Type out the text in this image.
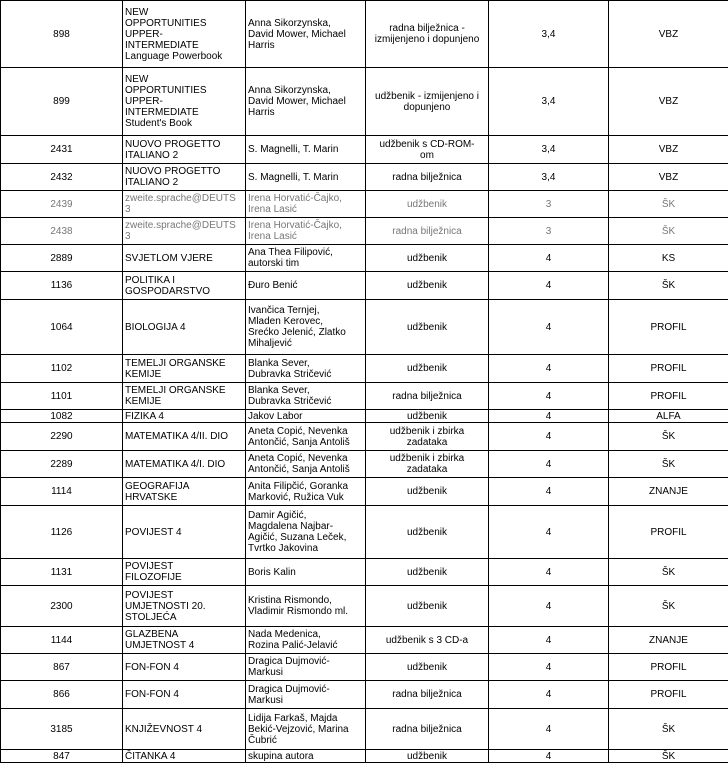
898	NEW
OPPORTUNITIES
UPPER-
INTERMEDIATE
Language Powerbook	Anna Sikorzynska,
David Mower, Michael
Harris	radna bilježnica -
izmijenjeno i dopunjeno	3,4	VBZ

899	NEW
OPPORTUNITIES
UPPER-
INTERMEDIATE
Student's Book	Anna Sikorzynska,
David Mower, Michael
Harris	udžbenik - izmijenjeno i
dopunjeno	3,4	VBZ

2431	NUOVO PROGETTO
ITALIANO 2	S. Magnelli, T. Marin	udžbenik s CD-ROM-
om	3,4	VBZ

2432	NUOVO PROGETTO
ITALIANO 2	S. Magnelli, T. Marin	radna bilježnica	3,4	VBZ

2439	zweite.sprache@DEUTS
3	Irena Horvatić-Čajko,
Irena Lasić	udžbenik	3	ŠK

2438	zweite.sprache@DEUTS
3	Irena Horvatić-Čajko,
Irena Lasić	radna bilježnica	3	ŠK

2889	SVJETLOM VJERE	Ana Thea Filipović,
autorski tim	udžbenik	4	KS

1136	POLITIKA I
GOSPODARSTVO	Đuro Benić	udžbenik	4	ŠK

1064	BIOLOGIJA 4	Ivančica Ternjej,
Mladen Kerovec,
Srećko Jelenić, Zlatko
Mihaljević	udžbenik	4	PROFIL

1102	TEMELJI ORGANSKE
KEMIJE	Blanka Sever,
Dubravka Stričević	udžbenik	4	PROFIL

1101	TEMELJI ORGANSKE
KEMIJE	Blanka Sever,
Dubravka Stričević	radna bilježnica	4	PROFIL

1082	FIZIKA 4	Jakov Labor	udžbenik	4	ALFA

2290	MATEMATIKA 4/II. DIO	Aneta Copić, Nevenka
Antončić, Sanja Antoliš	udžbenik i zbirka
zadataka	4	ŠK

2289	MATEMATIKA 4/I. DIO	Aneta Copić, Nevenka
Antončić, Sanja Antoliš	udžbenik i zbirka
zadataka	4	ŠK

1114	GEOGRAFIJA
HRVATSKE	Anita Filipčić, Goranka
Marković, Ružica Vuk	udžbenik	4	ZNANJE

1126	POVIJEST 4	Damir Agičić,
Magdalena Najbar-
Agičić, Suzana Leček,
Tvrtko Jakovina	udžbenik	4	PROFIL

1131	POVIJEST
FILOZOFIJE	Boris Kalin	udžbenik	4	ŠK

2300	POVIJEST
UMJETNOSTI 20.
STOLJEĆA	Kristina Rismondo,
Vladimir Rismondo ml.	udžbenik	4	ŠK

1144	GLAZBENA
UMJETNOST 4	Nada Medenica,
Rozina Palić-Jelavić	udžbenik s 3 CD-a	4	ZNANJE

867	FON-FON 4	Dragica Dujmović-
Markusi	udžbenik	4	PROFIL

866	FON-FON 4	Dragica Dujmović-
Markusi	radna bilježnica	4	PROFIL

3185	KNJIŽEVNOST 4	Lidija Farkaš, Majda
Bekić-Vejzović, Marina
Čubrić	radna bilježnica	4	ŠK

847	ČITANKA 4	skupina autora	udžbenik	4	ŠK
